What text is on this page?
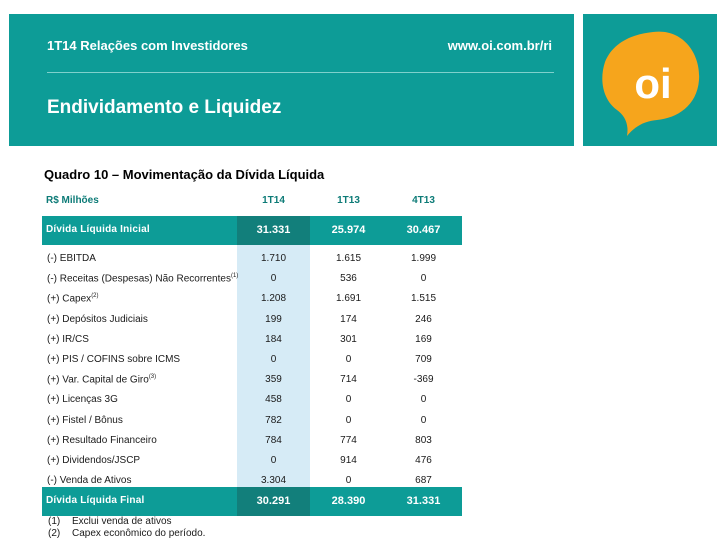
1T14 Relações com Investidores	www.oi.com.br/ri
Endividamento e Liquidez
oi
Quadro 10 – Movimentação da Dívida Líquida
R$ Milhões	1T14	1T13	4T13
Dívida Líquida Inicial	31.331	25.974	30.467
(-) EBITDA	1.710	1.615	1.999
(-) Receitas (Despesas) Não Recorrentes$^{(1)}$	0	536	0
(+) Capex$^{(2)}$	1.208	1.691	1.515
(+) Depósitos Judiciais	199	174	246
(+) IR/CS	184	301	169
(+) PIS / COFINS sobre ICMS	0	0	709
(+) Var. Capital de Giro$^{(3)}$	359	714	-369
(+) Licenças 3G	458	0	0
(+) Fistel / Bônus	782	0	0
(+) Resultado Financeiro	784	774	803
(+) Dividendos/JSCP	0	914	476
(-) Venda de Ativos	3.304	0	687
Dívida Líquida Final	30.291	28.390	31.331
(1) Exclui venda de ativos
(2) Capex econômico do período.
